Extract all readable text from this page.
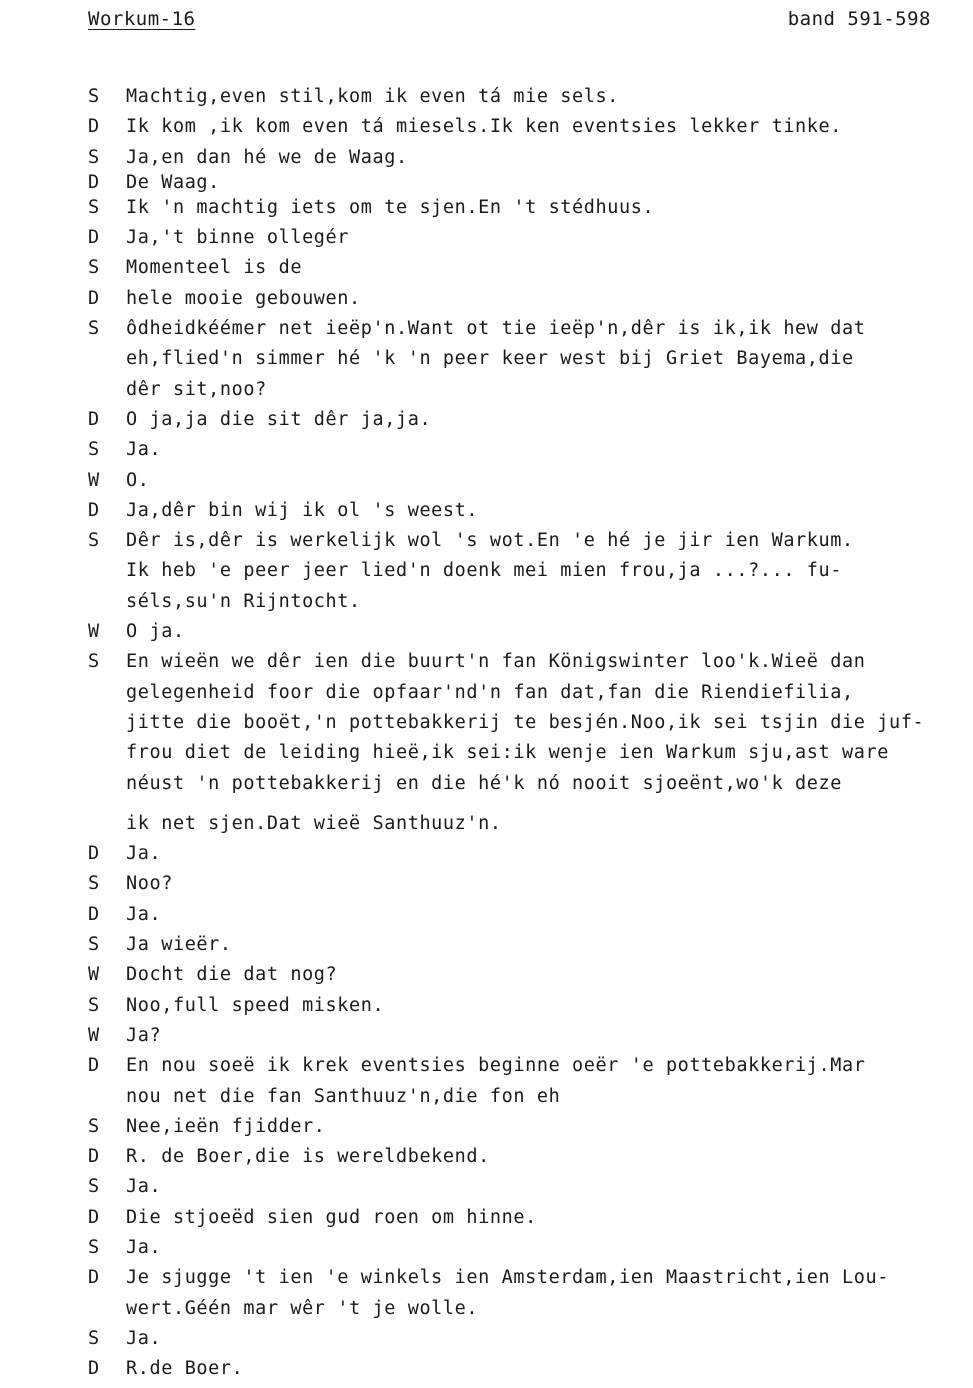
Workum-16	band 591-598
S	Machtig,even stil,kom ik even tá mie sels.
D	Ik kom ,ik kom even tá miesels.Ik ken eventsies lekker tinke.
S	Ja,en dan hé we de Waag.
D	De Waag.
S	Ik 'n machtig iets om te sjen.En 't stédhuus.
D	Ja,'t binne ollegér
S	Momenteel is de
D	hele mooie gebouwen.
S	ôdheidkéémer net ieëp'n.Want ot tie ieëp'n,dêr is ik,ik hew dat
eh,flied'n simmer hé 'k 'n peer keer west bij Griet Bayema,die
dêr sit,noo?
D	O ja,ja die sit dêr ja,ja.
S	Ja.
W	O.
D	Ja,dêr bin wij ik ol 's weest.
S	Dêr is,dêr is werkelijk wol 's wot.En 'e hé je jir ien Warkum.
Ik heb 'e peer jeer lied'n doenk mei mien frou,ja ...?... fu-
séls,su'n Rijntocht.
W	O ja.
S	En wieën we dêr ien die buurt'n fan Königswinter loo'k.Wieë dan
gelegenheid foor die opfaar'nd'n fan dat,fan die Riendiefilia,
jitte die booët,'n pottebakkerij te besjén.Noo,ik sei tsjin die juf-
frou diet de leiding hieë,ik sei:ik wenje ien Warkum sju,ast ware
néust 'n pottebakkerij en die hé'k nó nooit sjoeënt,wo'k deze
ik net sjen.Dat wieë Santhuuz'n.
D	Ja.
S	Noo?
D	Ja.
S	Ja wieër.
W	Docht die dat nog?
S	Noo,full speed misken.
W	Ja?
D	En nou soeë ik krek eventsies beginne oeër 'e pottebakkerij.Mar
nou net die fan Santhuuz'n,die fon eh
S	Nee,ieën fjidder.
D	R. de Boer,die is wereldbekend.
S	Ja.
D	Die stjoeëd sien gud roen om hinne.
S	Ja.
D	Je sjugge 't ien 'e winkels ien Amsterdam,ien Maastricht,ien Lou-
wert.Géén mar wêr 't je wolle.
S	Ja.
D	R.de Boer.
